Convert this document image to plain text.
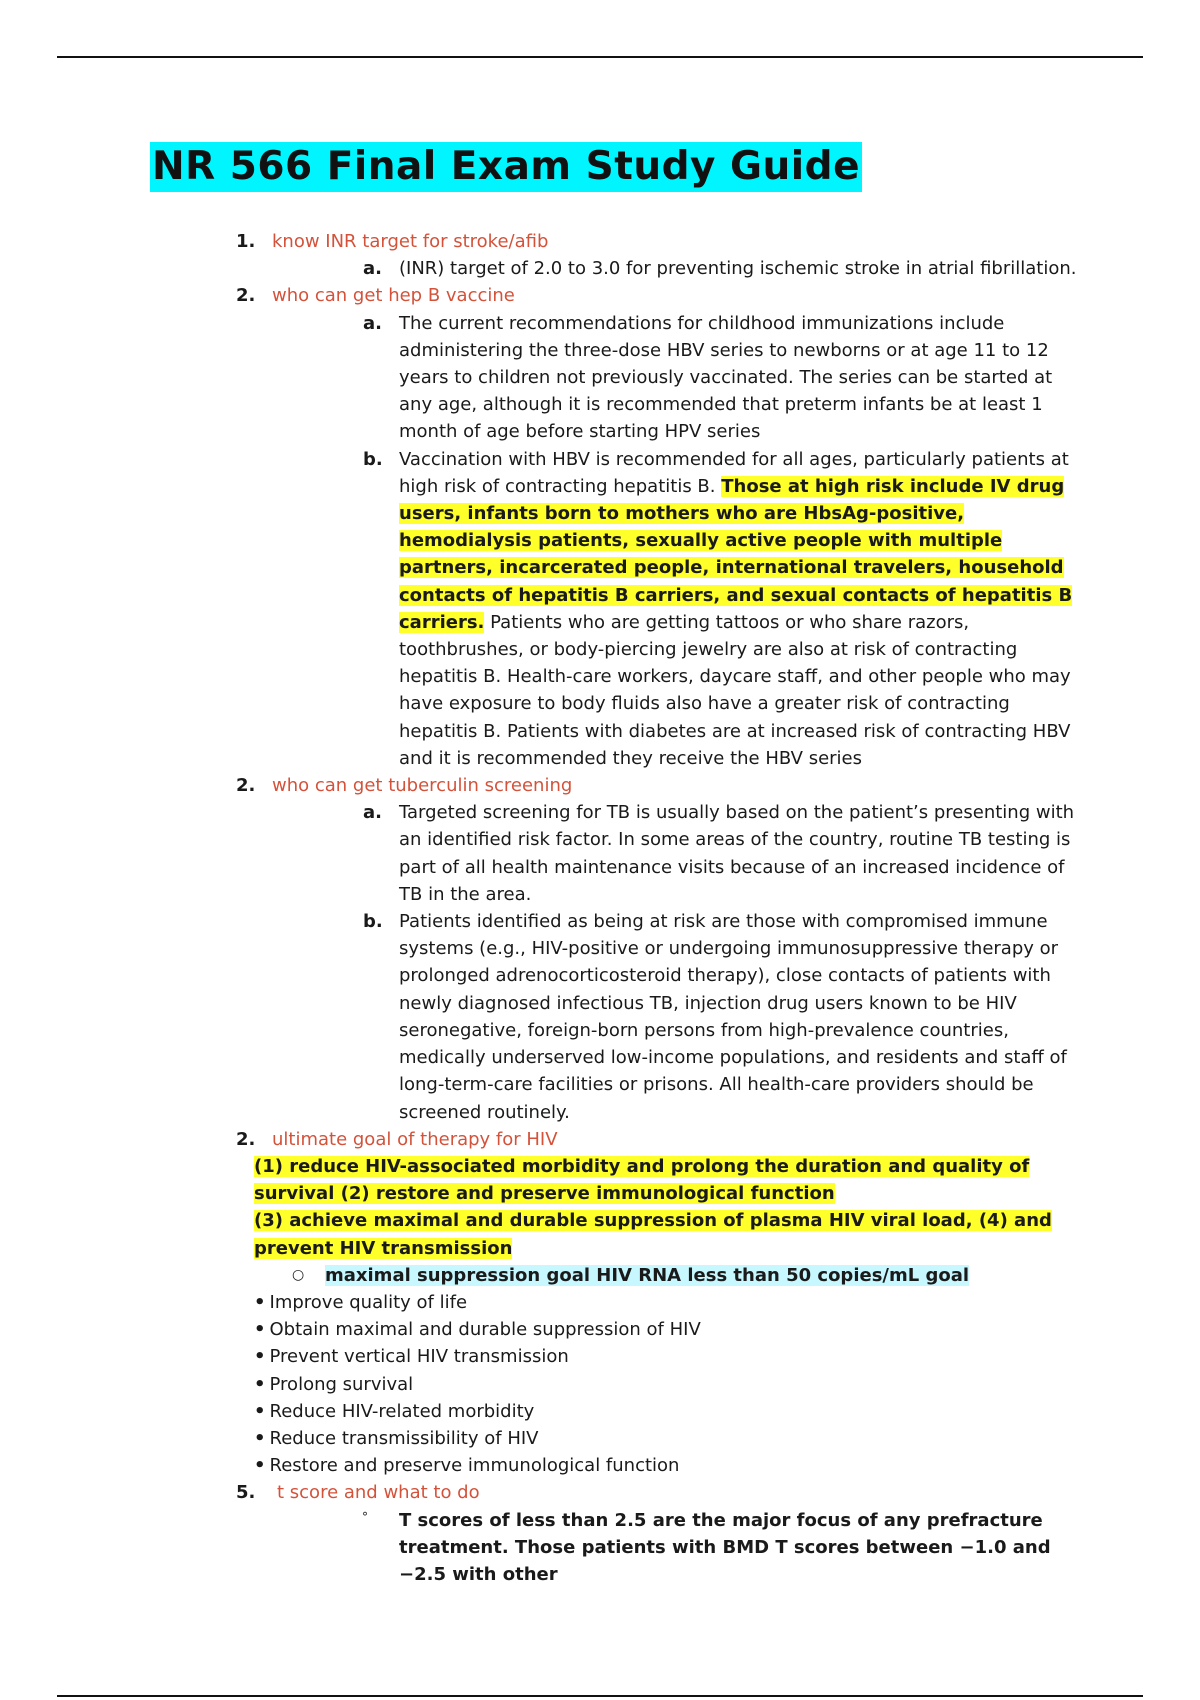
NR 566 Final Exam Study Guide
1. know INR target for stroke/afib
a. (INR) target of 2.0 to 3.0 for preventing ischemic stroke in atrial fibrillation.
2. who can get hep B vaccine
a. The current recommendations for childhood immunizations include administering the three-dose HBV series to newborns or at age 11 to 12 years to children not previously vaccinated. The series can be started at any age, although it is recommended that preterm infants be at least 1 month of age before starting HPV series
b. Vaccination with HBV is recommended for all ages, particularly patients at high risk of contracting hepatitis B. Those at high risk include IV drug users, infants born to mothers who are HbsAg-positive, hemodialysis patients, sexually active people with multiple partners, incarcerated people, international travelers, household contacts of hepatitis B carriers, and sexual contacts of hepatitis B carriers. Patients who are getting tattoos or who share razors, toothbrushes, or body-piercing jewelry are also at risk of contracting hepatitis B. Health-care workers, daycare staff, and other people who may have exposure to body fluids also have a greater risk of contracting hepatitis B. Patients with diabetes are at increased risk of contracting HBV and it is recommended they receive the HBV series
2. who can get tuberculin screening
a. Targeted screening for TB is usually based on the patient’s presenting with an identified risk factor. In some areas of the country, routine TB testing is part of all health maintenance visits because of an increased incidence of TB in the area.
b. Patients identified as being at risk are those with compromised immune systems (e.g., HIV-positive or undergoing immunosuppressive therapy or prolonged adrenocorticosteroid therapy), close contacts of patients with newly diagnosed infectious TB, injection drug users known to be HIV seronegative, foreign-born persons from high-prevalence countries, medically underserved low-income populations, and residents and staff of long-term-care facilities or prisons. All health-care providers should be screened routinely.
2. ultimate goal of therapy for HIV
(1) reduce HIV-associated morbidity and prolong the duration and quality of survival (2) restore and preserve immunological function
(3) achieve maximal and durable suppression of plasma HIV viral load, (4) and prevent HIV transmission
○ maximal suppression goal HIV RNA less than 50 copies/mL goal
• Improve quality of life
• Obtain maximal and durable suppression of HIV
• Prevent vertical HIV transmission
• Prolong survival
• Reduce HIV-related morbidity
• Reduce transmissibility of HIV
• Restore and preserve immunological function
5. t score and what to do
° T scores of less than 2.5 are the major focus of any prefracture treatment. Those patients with BMD T scores between −1.0 and −2.5 with other
